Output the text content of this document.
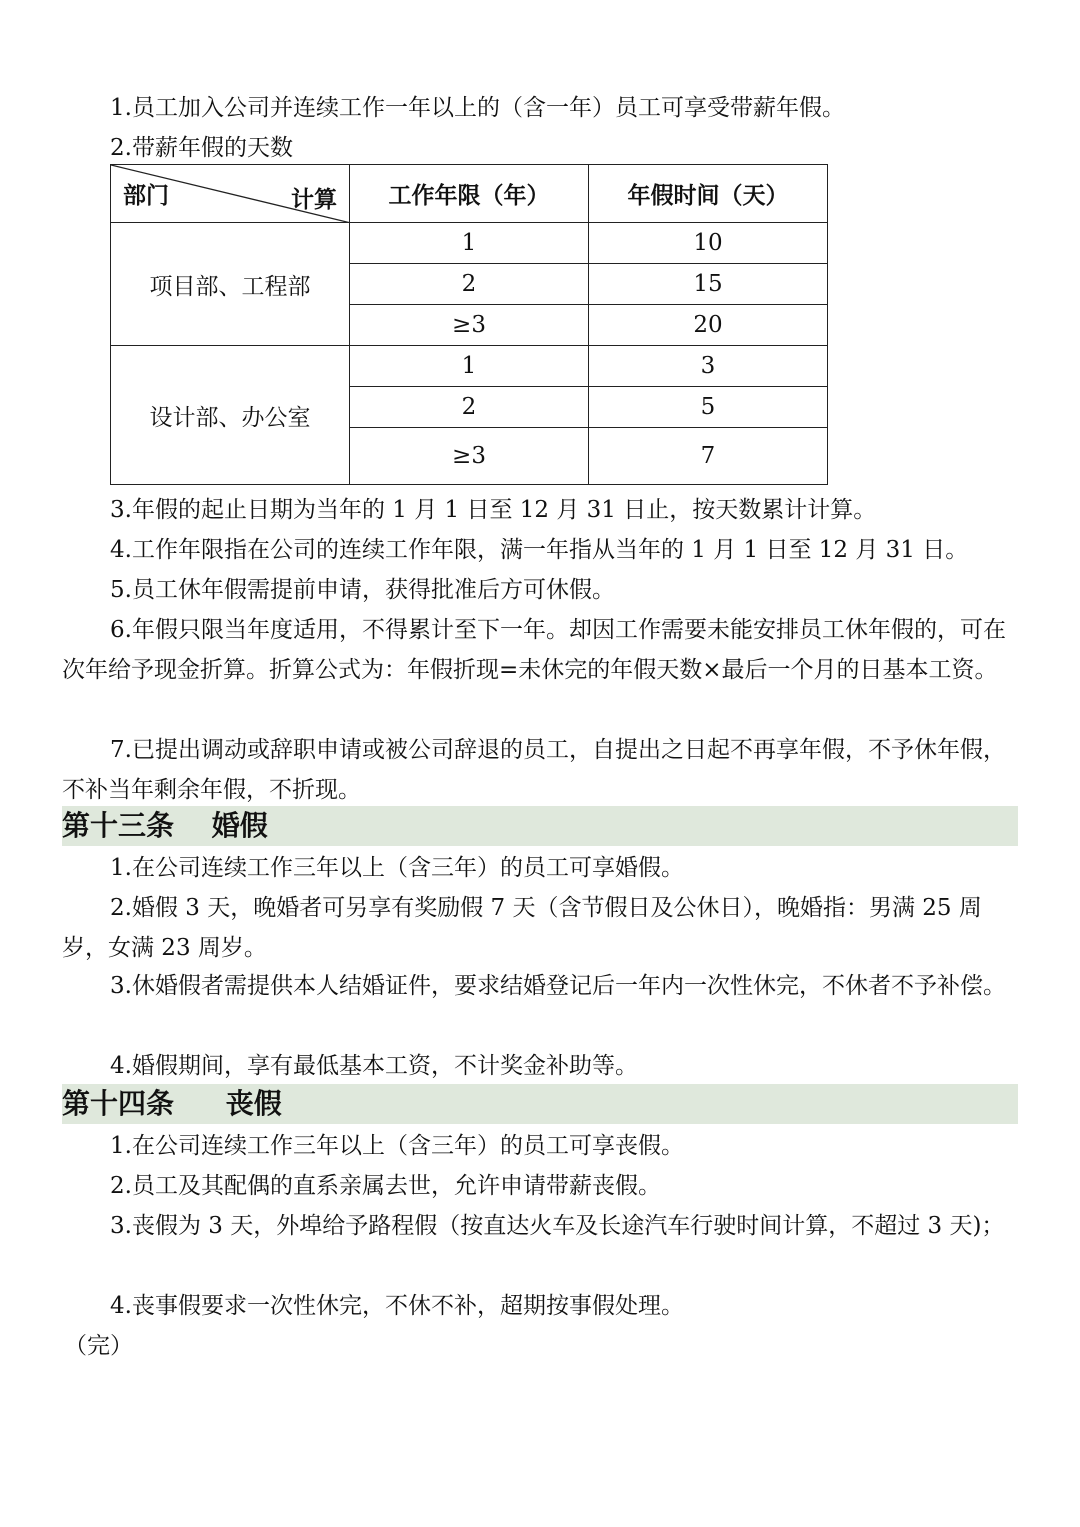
1.员工加入公司并连续工作一年以上的（含一年）员工可享受带薪年假。

2.带薪年假的天数

部门 计算	工作年限（年）	年假时间（天）
项目部、工程部	1	10
	2	15
	≥3	20
设计部、办公室	1	3
	2	5
	≥3	7

3.年假的起止日期为当年的 1 月 1 日至 12 月 31 日止，按天数累计计算。

4.工作年限指在公司的连续工作年限，满一年指从当年的 1 月 1 日至 12 月 31 日。

5.员工休年假需提前申请，获得批准后方可休假。

6.年假只限当年度适用，不得累计至下一年。却因工作需要未能安排员工休年假的，可在次年给予现金折算。折算公式为：年假折现=未休完的年假天数×最后一个月的日基本工资。

7.已提出调动或辞职申请或被公司辞退的员工，自提出之日起不再享年假，不予休年假，不补当年剩余年假，不折现。

第十三条 婚假

1.在公司连续工作三年以上（含三年）的员工可享婚假。

2.婚假 3 天，晚婚者可另享有奖励假 7 天（含节假日及公休日），晚婚指：男满 25 周岁，女满 23 周岁。

3.休婚假者需提供本人结婚证件，要求结婚登记后一年内一次性休完，不休者不予补偿。

4.婚假期间，享有最低基本工资，不计奖金补助等。

第十四条 丧假

1.在公司连续工作三年以上（含三年）的员工可享丧假。

2.员工及其配偶的直系亲属去世，允许申请带薪丧假。

3.丧假为 3 天，外埠给予路程假（按直达火车及长途汽车行驶时间计算，不超过 3 天)；

4.丧事假要求一次性休完，不休不补，超期按事假处理。

（完）
